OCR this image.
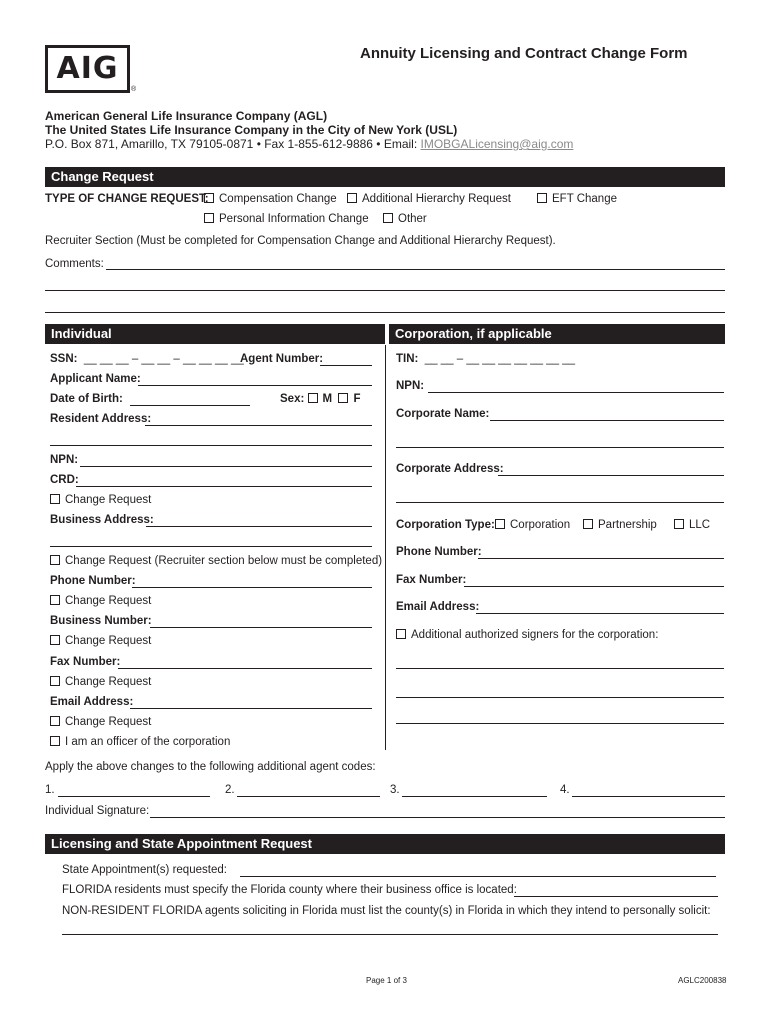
AIG
®
Annuity Licensing and Contract Change Form
American General Life Insurance Company (AGL)
The United States Life Insurance Company in the City of New York (USL)
P.O. Box 871, Amarillo, TX 79105-0871 • Fax 1-855-612-9886 • Email: IMOBGALicensing@aig.com
Change Request
TYPE OF CHANGE REQUEST: Compensation Change	Additional Hierarchy Request	EFT Change
Personal Information Change	Other
Recruiter Section (Must be completed for Compensation Change and Additional Hierarchy Request).
Comments:
Individual	Corporation, if applicable
SSN: __ __ __ – __ __ – __ __ __ __
Agent Number:
Applicant Name:
Date of Birth:	Sex: M F
Resident Address:
NPN:
CRD:
Change Request
Business Address:
Change Request (Recruiter section below must be completed)
Phone Number:
Change Request
Business Number:
Change Request
Fax Number:
Change Request
Email Address:
Change Request
I am an officer of the corporation
TIN: __ __ – __ __ __ __ __ __ __
NPN:
Corporate Name:
Corporate Address:
Corporation Type:	Corporation	Partnership	LLC
Phone Number:
Fax Number:
Email Address:
Additional authorized signers for the corporation:
Apply the above changes to the following additional agent codes:
1.	2.	3.	4.
Individual Signature:
Licensing and State Appointment Request
State Appointment(s) requested:
FLORIDA residents must specify the Florida county where their business office is located:
NON-RESIDENT FLORIDA agents soliciting in Florida must list the county(s) in Florida in which they intend to personally solicit:
Page 1 of 3	AGLC200838
